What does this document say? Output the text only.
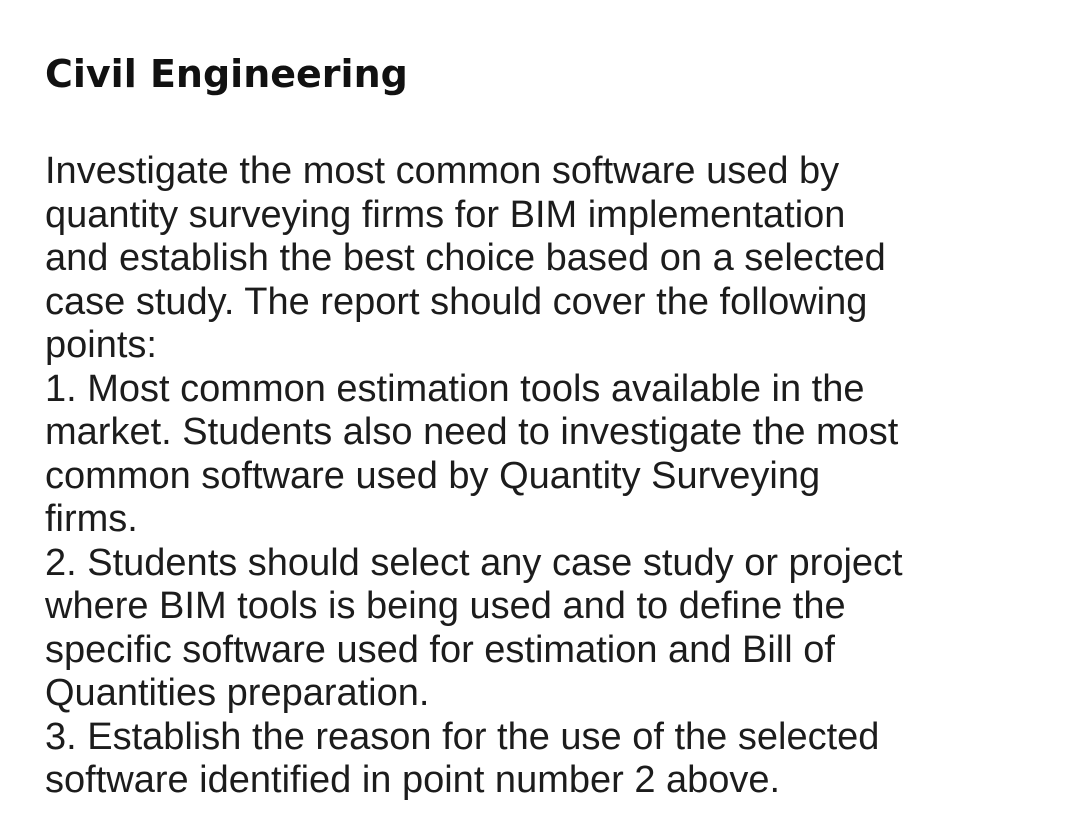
Civil Engineering
Investigate the most common software used by
quantity surveying firms for BIM implementation
and establish the best choice based on a selected
case study. The report should cover the following
points:
1. Most common estimation tools available in the
market. Students also need to investigate the most
common software used by Quantity Surveying
firms.
2. Students should select any case study or project
where BIM tools is being used and to define the
specific software used for estimation and Bill of
Quantities preparation.
3. Establish the reason for the use of the selected
software identified in point number 2 above.
